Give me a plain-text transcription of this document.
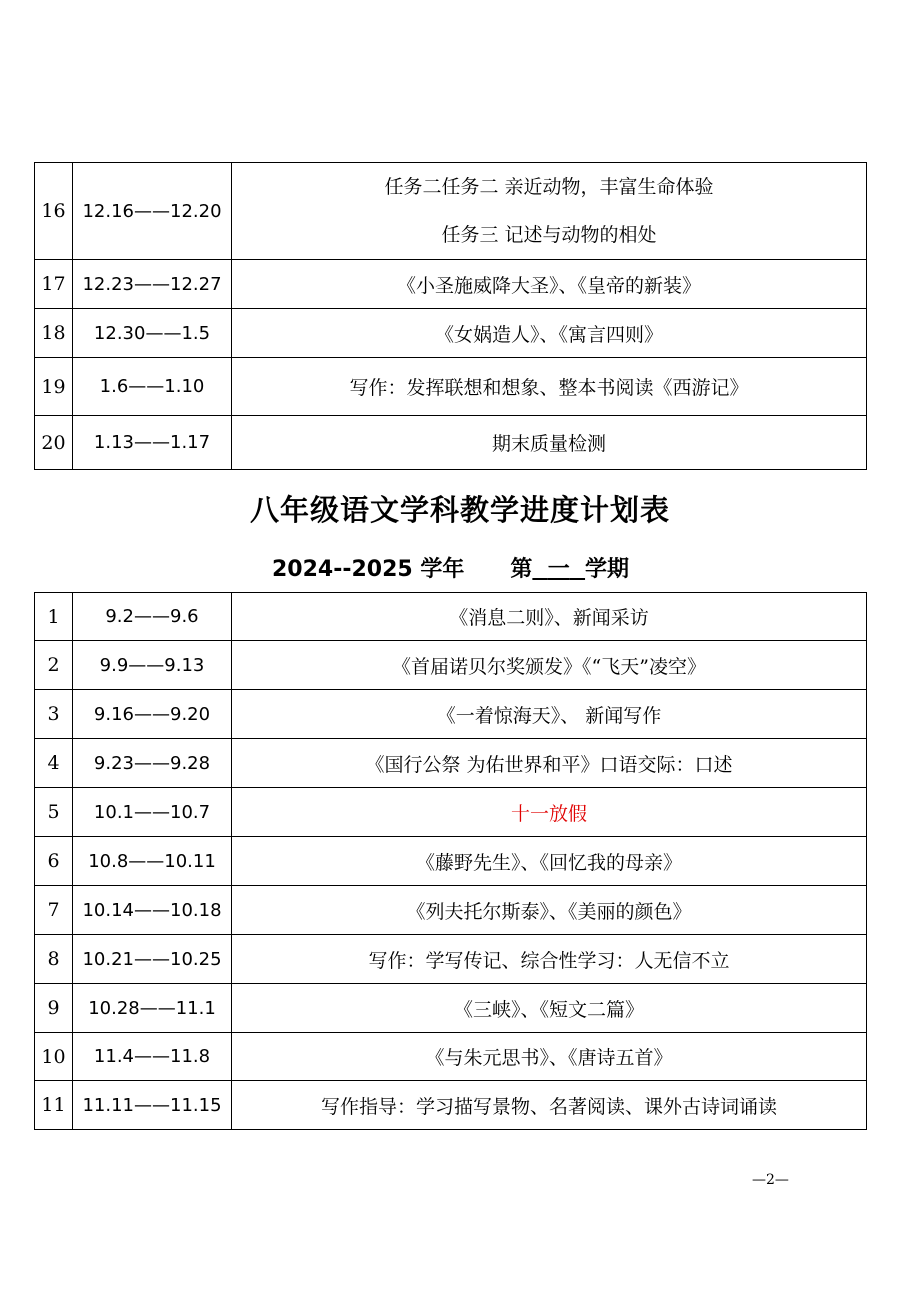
16	12.16——12.20	任务二任务二 亲近动物，丰富生命体验
任务三 记述与动物的相处

17	12.23——12.27	《小圣施威降大圣》、《皇帝的新装》
18	12.30——1.5	《女娲造人》、《寓言四则》
19	1.6——1.10	写作：发挥联想和想象、整本书阅读《西游记》
20	1.13——1.17	期末质量检测
八年级语文学科教学进度计划表
2024--2025 学年 第 一 学期
1	9.2——9.6	《消息二则》、新闻采访
2	9.9——9.13	《首届诺贝尔奖颁发》《“飞天”凌空》
3	9.16——9.20	《一着惊海天》、 新闻写作
4	9.23——9.28	《国行公祭 为佑世界和平》口语交际：口述
5	10.1——10.7	十一放假
6	10.8——10.11	《藤野先生》、《回忆我的母亲》
7	10.14——10.18	《列夫托尔斯泰》、《美丽的颜色》
8	10.21——10.25	写作：学写传记、综合性学习：人无信不立
9	10.28——11.1	《三峡》、《短文二篇》
10	11.4——11.8	《与朱元思书》、《唐诗五首》
11	11.11——11.15	写作指导：学习描写景物、名著阅读、课外古诗词诵读
—2—
